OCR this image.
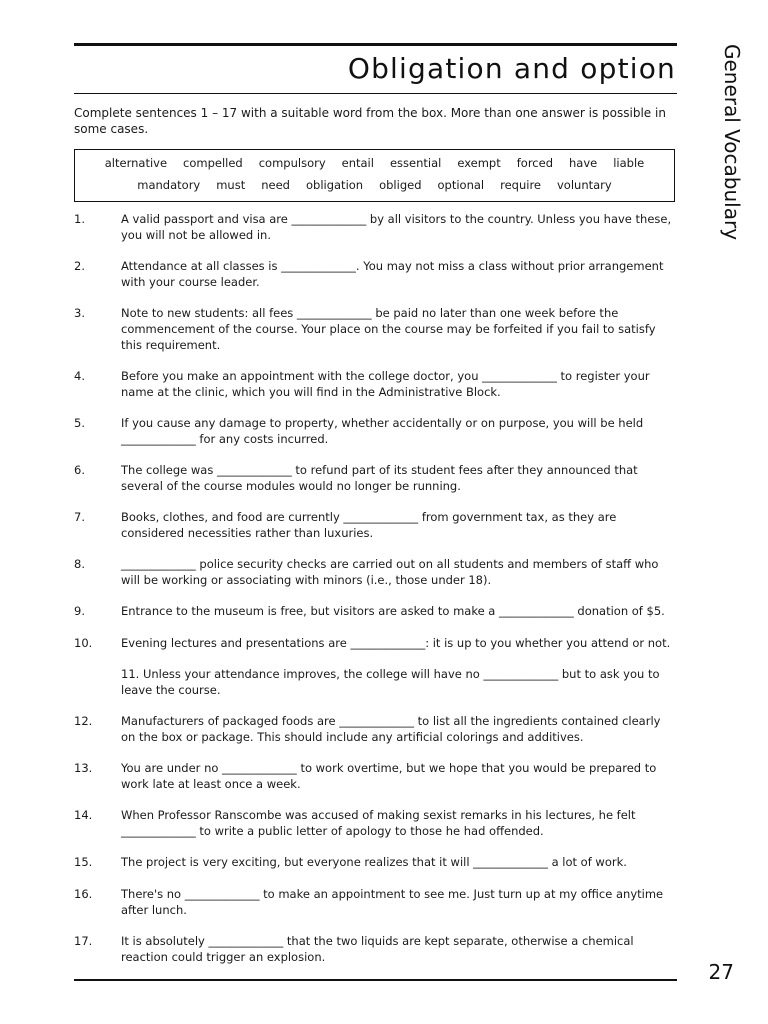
Obligation and option General Vocabulary

Complete sentences 1 – 17 with a suitable word from the box. More than one answer is possible in some cases.

alternative compelled compulsory entail essential exempt forced have liable
mandatory must need obligation obliged optional require voluntary
1.	A valid passport and visa are _____________ by all visitors to the country. Unless you have these, you will not be allowed in.
2.	Attendance at all classes is _____________. You may not miss a class without prior arrangement with your course leader.
3.	Note to new students: all fees _____________ be paid no later than one week before the commencement of the course. Your place on the course may be forfeited if you fail to satisfy this requirement.
4.	Before you make an appointment with the college doctor, you _____________ to register your name at the clinic, which you will find in the Administrative Block.
5.	If you cause any damage to property, whether accidentally or on purpose, you will be held _____________ for any costs incurred.
6.	The college was _____________ to refund part of its student fees after they announced that several of the course modules would no longer be running.
7.	Books, clothes, and food are currently _____________ from government tax, as they are considered necessities rather than luxuries.
8.	_____________ police security checks are carried out on all students and members of staff who will be working or associating with minors (i.e., those under 18).
9.	Entrance to the museum is free, but visitors are asked to make a _____________ donation of $5.
10. Evening lectures and presentations are _____________: it is up to you whether you attend or not.
11. Unless your attendance improves, the college will have no _____________ but to ask you to leave the course.
12. Manufacturers of packaged foods are _____________ to list all the ingredients contained clearly on the box or package. This should include any artificial colorings and additives.
13. You are under no _____________ to work overtime, but we hope that you would be prepared to work late at least once a week.
14. When Professor Ranscombe was accused of making sexist remarks in his lectures, he felt _____________ to write a public letter of apology to those he had offended.
15. The project is very exciting, but everyone realizes that it will _____________ a lot of work.
16. There's no _____________ to make an appointment to see me. Just turn up at my office anytime after lunch.
17. It is absolutely _____________ that the two liquids are kept separate, otherwise a chemical reaction could trigger an explosion.
27
